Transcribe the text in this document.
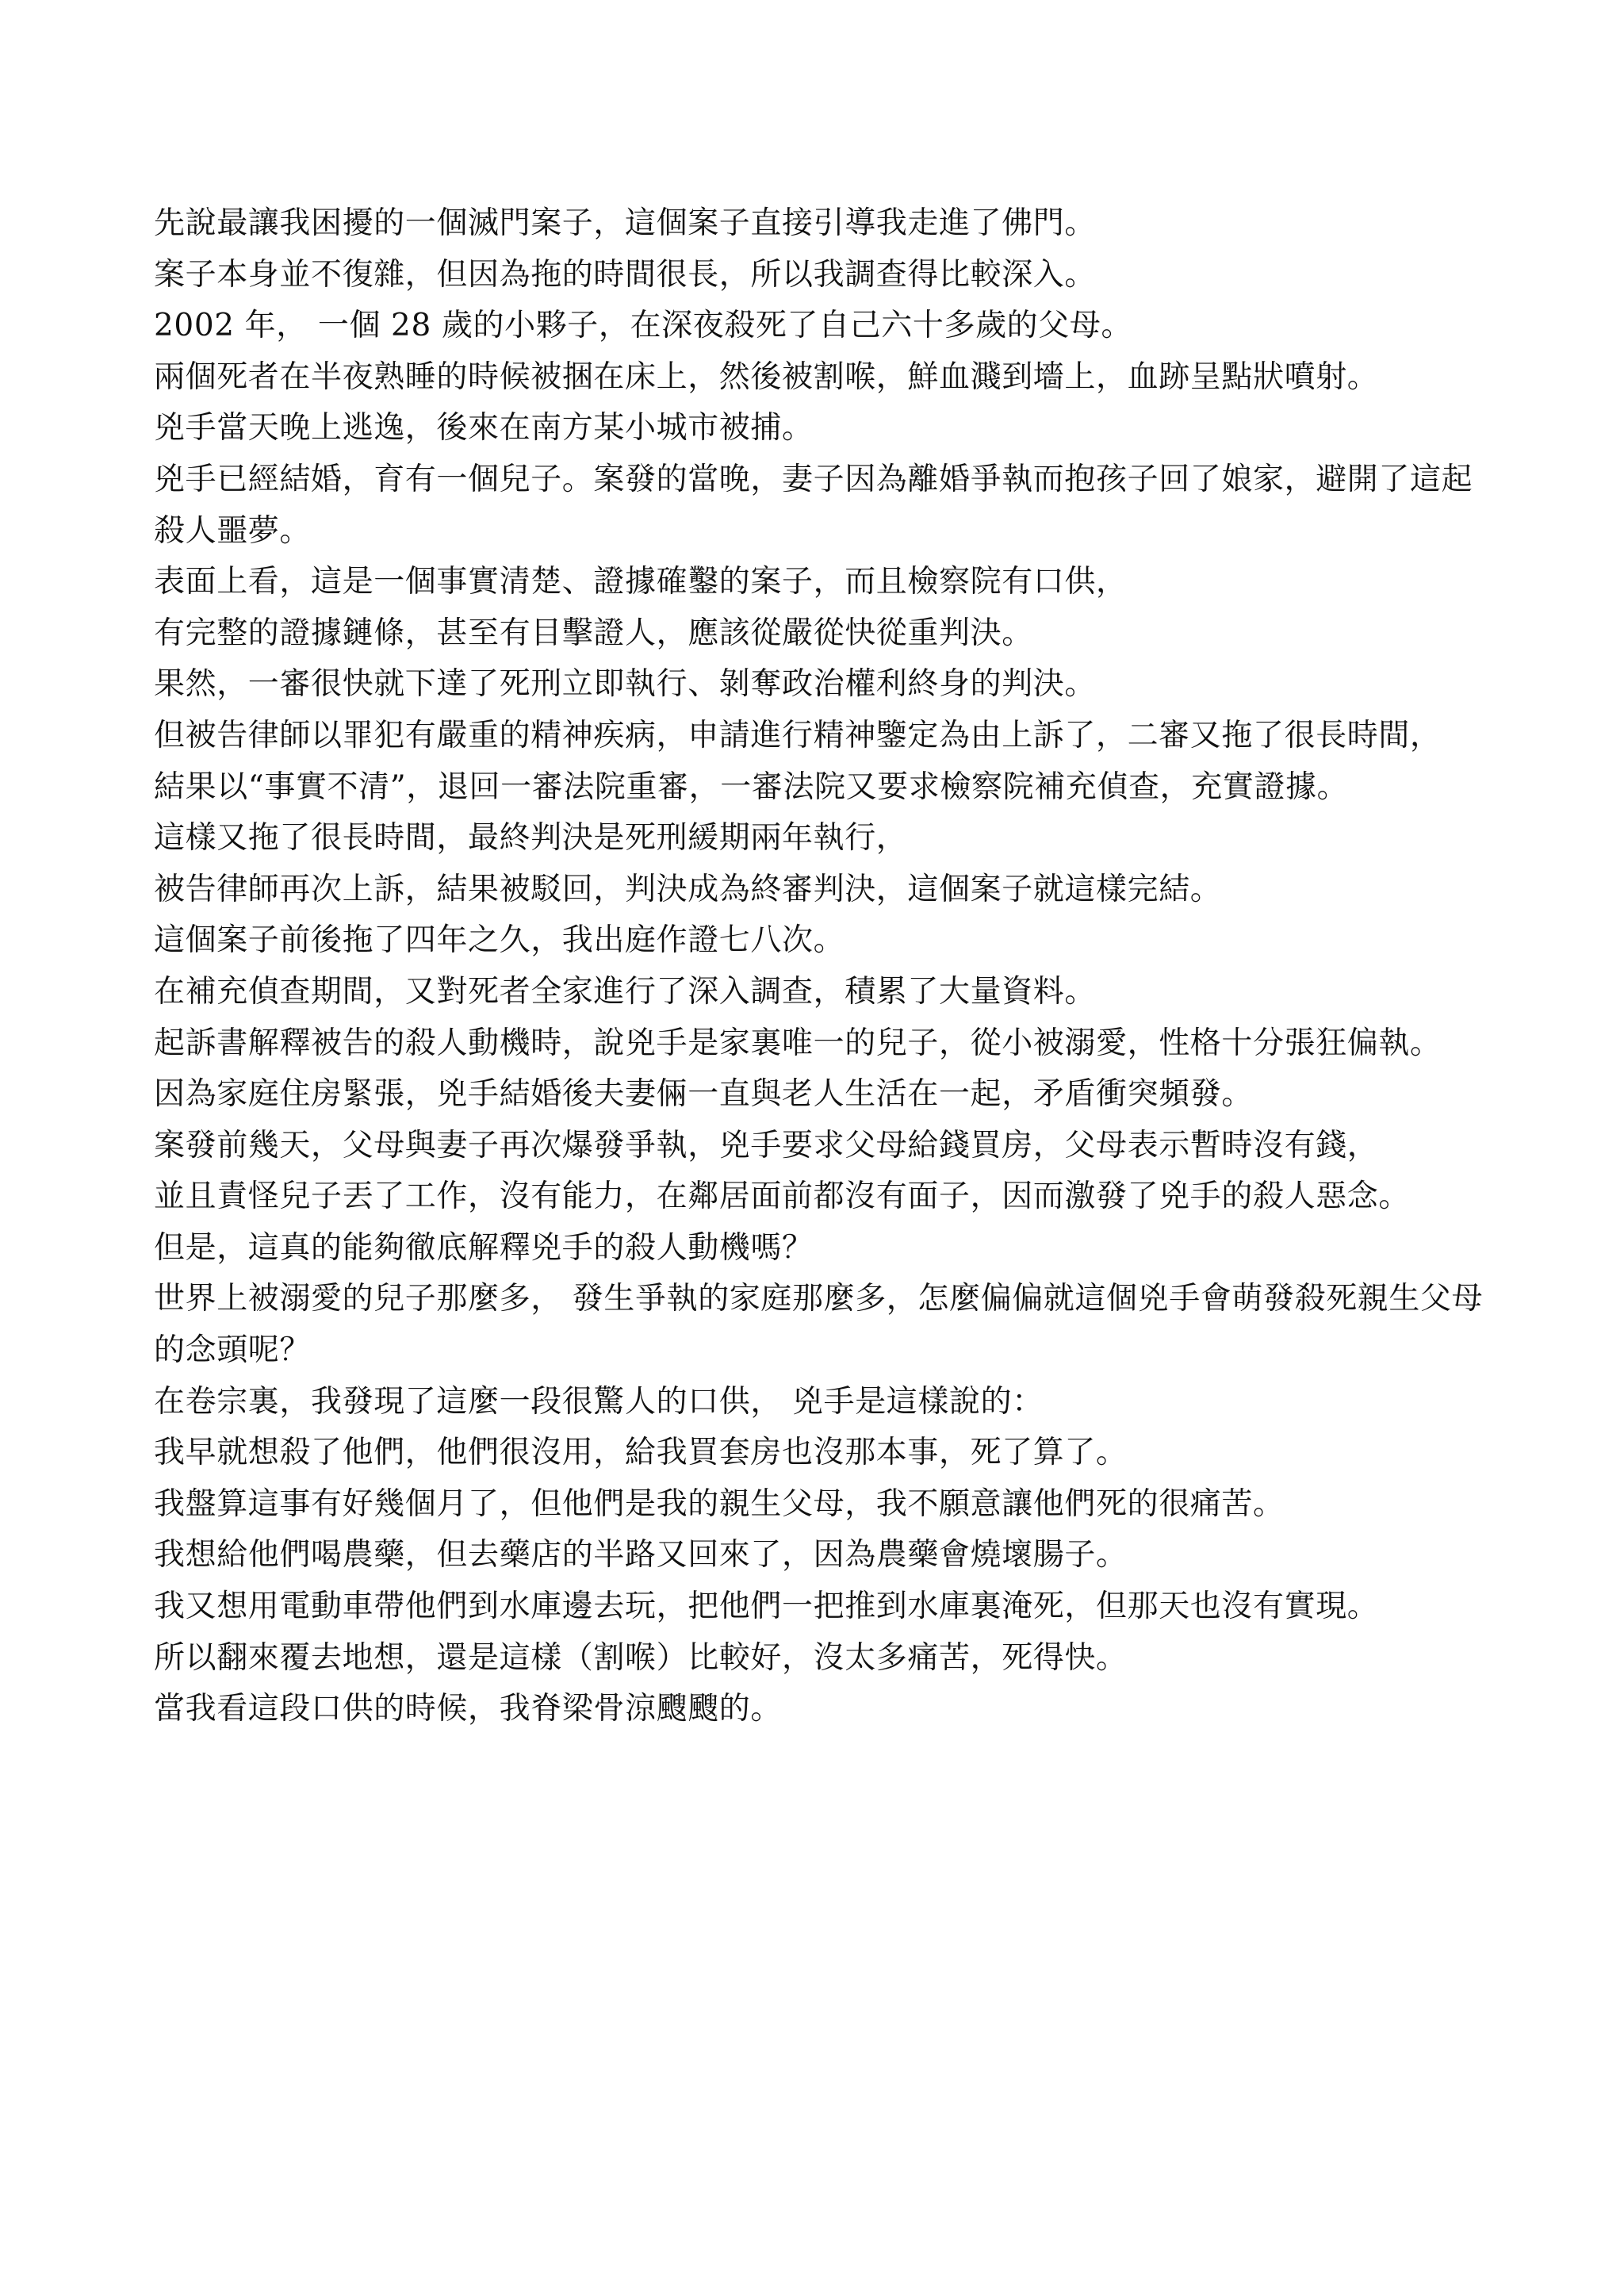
先說最讓我困擾的一個滅門案子，這個案子直接引導我走進了佛門。

案子本身並不復雜，但因為拖的時間很長，所以我調查得比較深入。

2002 年， 一個 28 歲的小夥子，在深夜殺死了自己六十多歲的父母。

兩個死者在半夜熟睡的時候被捆在床上，然後被割喉，鮮血濺到墻上，血跡呈點狀噴射。

兇手當天晚上逃逸，後來在南方某小城市被捕。

兇手已經結婚，育有一個兒子。案發的當晚，妻子因為離婚爭執而抱孩子回了娘家，避開了這起殺人噩夢。

表面上看，這是一個事實清楚、證據確鑿的案子，而且檢察院有口供，

有完整的證據鏈條，甚至有目擊證人，應該從嚴從快從重判決。

果然，一審很快就下達了死刑立即執行、剝奪政治權利終身的判決。

但被告律師以罪犯有嚴重的精神疾病，申請進行精神鑒定為由上訴了，二審又拖了很長時間，

結果以“事實不清”，退回一審法院重審，一審法院又要求檢察院補充偵查，充實證據。

這樣又拖了很長時間，最終判決是死刑緩期兩年執行，

被告律師再次上訴，結果被駁回，判決成為終審判決，這個案子就這樣完結。

這個案子前後拖了四年之久，我出庭作證七八次。

在補充偵查期間，又對死者全家進行了深入調查，積累了大量資料。

起訴書解釋被告的殺人動機時，說兇手是家裏唯一的兒子，從小被溺愛，性格十分張狂偏執。

因為家庭住房緊張，兇手結婚後夫妻倆一直與老人生活在一起，矛盾衝突頻發。

案發前幾天，父母與妻子再次爆發爭執，兇手要求父母給錢買房，父母表示暫時沒有錢，

並且責怪兒子丟了工作，沒有能力，在鄰居面前都沒有面子，因而激發了兇手的殺人惡念。

但是，這真的能夠徹底解釋兇手的殺人動機嗎？

世界上被溺愛的兒子那麼多， 發生爭執的家庭那麼多，怎麼偏偏就這個兇手會萌發殺死親生父母的念頭呢？

在卷宗裏，我發現了這麼一段很驚人的口供， 兇手是這樣說的：

我早就想殺了他們，他們很沒用，給我買套房也沒那本事，死了算了。

我盤算這事有好幾個月了，但他們是我的親生父母，我不願意讓他們死的很痛苦。

我想給他們喝農藥，但去藥店的半路又回來了，因為農藥會燒壞腸子。

我又想用電動車帶他們到水庫邊去玩，把他們一把推到水庫裏淹死，但那天也沒有實現。

所以翻來覆去地想，還是這樣（割喉）比較好，沒太多痛苦，死得快。

當我看這段口供的時候，我脊梁骨涼颼颼的。
